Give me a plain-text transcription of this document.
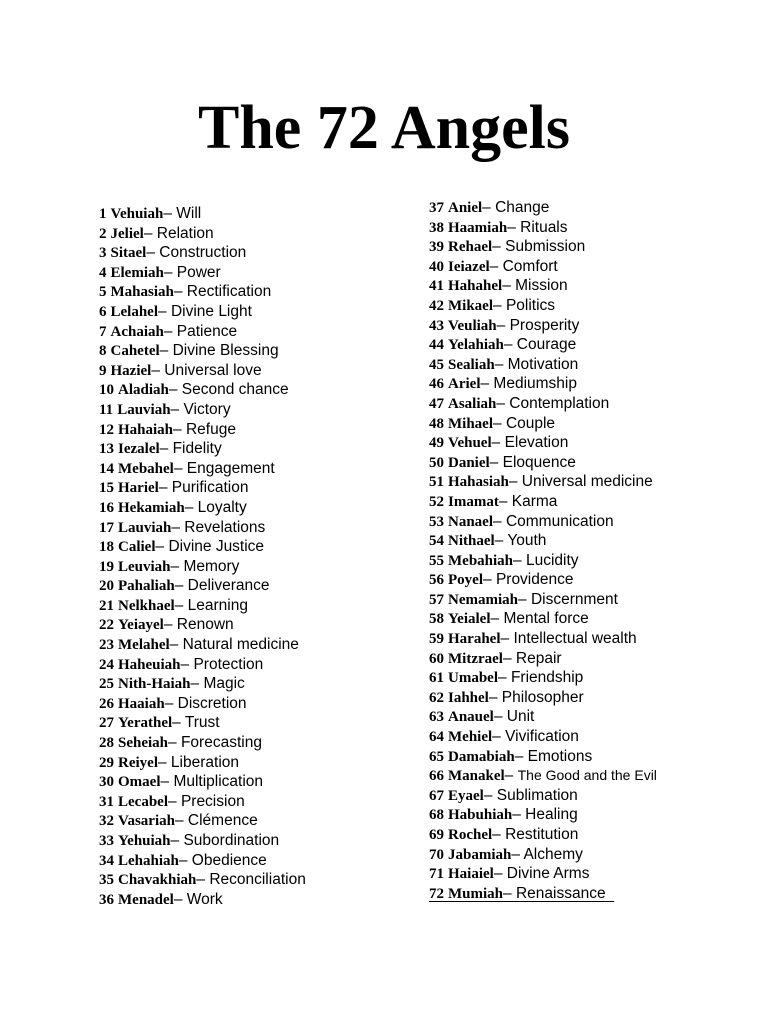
The 72 Angels
1 Vehuiah– Will
2 Jeliel– Relation
3 Sitael– Construction
4 Elemiah– Power
5 Mahasiah– Rectification
6 Lelahel– Divine Light
7 Achaiah– Patience
8 Cahetel– Divine Blessing
9 Haziel– Universal love
10 Aladiah– Second chance
11 Lauviah– Victory
12 Hahaiah– Refuge
13 Iezalel– Fidelity
14 Mebahel– Engagement
15 Hariel– Purification
16 Hekamiah– Loyalty
17 Lauviah– Revelations
18 Caliel– Divine Justice
19 Leuviah– Memory
20 Pahaliah– Deliverance
21 Nelkhael– Learning
22 Yeiayel– Renown
23 Melahel– Natural medicine
24 Haheuiah– Protection
25 Nith-Haiah– Magic
26 Haaiah– Discretion
27 Yerathel– Trust
28 Seheiah– Forecasting
29 Reiyel– Liberation
30 Omael– Multiplication
31 Lecabel– Precision
32 Vasariah– Clémence
33 Yehuiah– Subordination
34 Lehahiah– Obedience
35 Chavakhiah– Reconciliation
36 Menadel– Work
37 Aniel– Change
38 Haamiah– Rituals
39 Rehael– Submission
40 Ieiazel– Comfort
41 Hahahel– Mission
42 Mikael– Politics
43 Veuliah– Prosperity
44 Yelahiah– Courage
45 Sealiah– Motivation
46 Ariel– Mediumship
47 Asaliah– Contemplation
48 Mihael– Couple
49 Vehuel– Elevation
50 Daniel– Eloquence
51 Hahasiah– Universal medicine
52 Imamat– Karma
53 Nanael– Communication
54 Nithael– Youth
55 Mebahiah– Lucidity
56 Poyel– Providence
57 Nemamiah– Discernment
58 Yeialel– Mental force
59 Harahel– Intellectual wealth
60 Mitzrael– Repair
61 Umabel– Friendship
62 Iahhel– Philosopher
63 Anauel– Unit
64 Mehiel– Vivification
65 Damabiah– Emotions
66 Manakel– The Good and the Evil
67 Eyael– Sublimation
68 Habuhiah– Healing
69 Rochel– Restitution
70 Jabamiah– Alchemy
71 Haiaiel– Divine Arms
72 Mumiah– Renaissance
